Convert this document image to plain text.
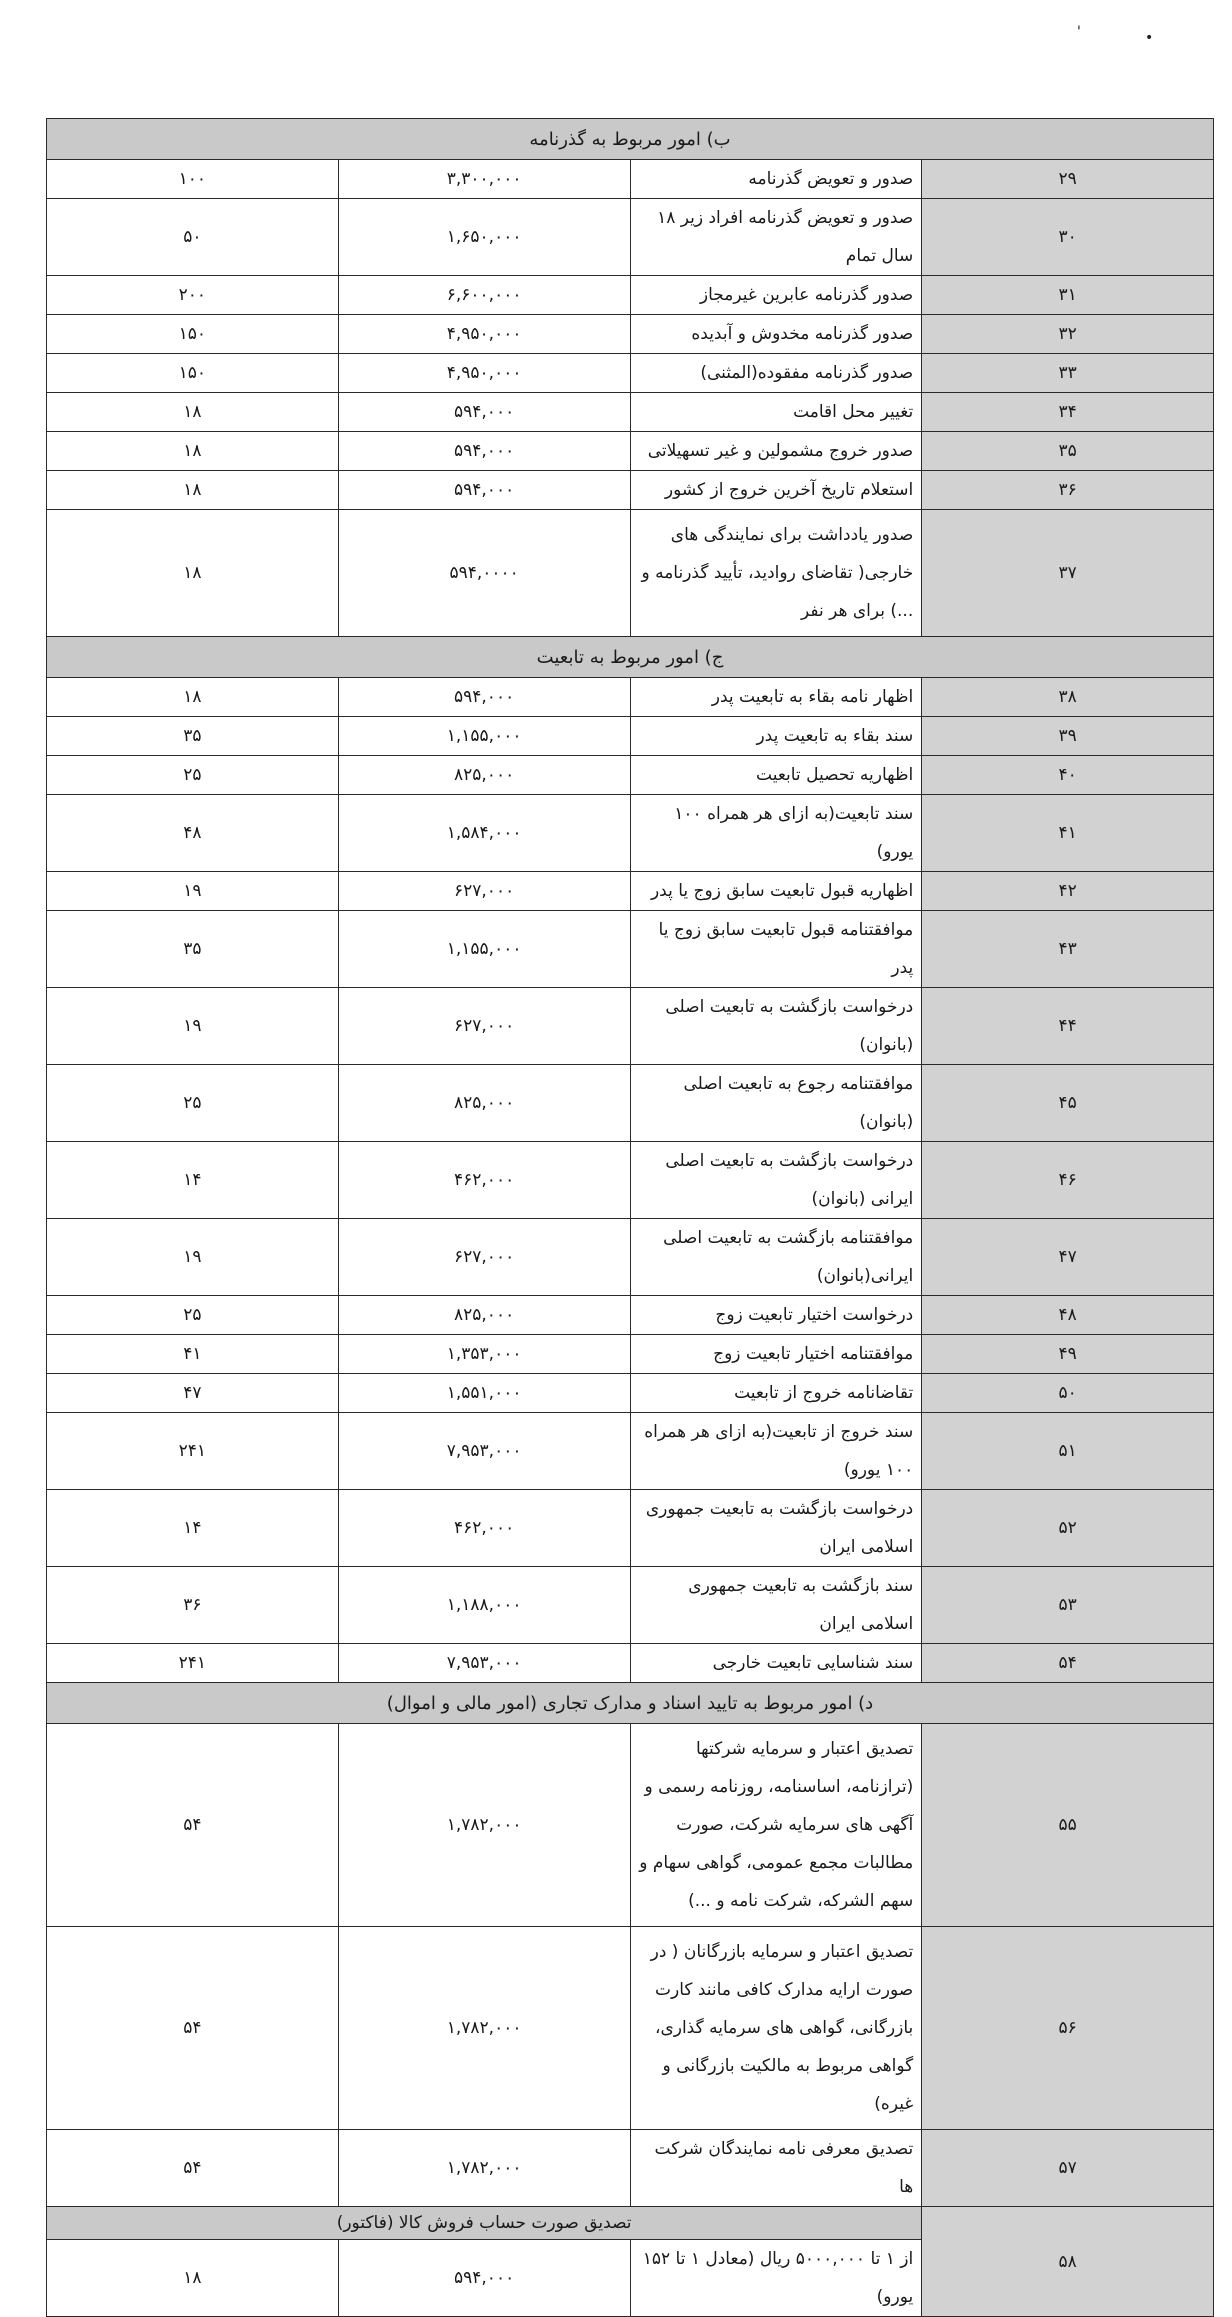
'	•
ب) امور مربوط به گذرنامه			
۲۹	صدور و تعویض گذرنامه	۳,۳۰۰,۰۰۰	۱۰۰
۳۰	صدور و تعویض گذرنامه افراد زیر ۱۸ سال تمام	۱,۶۵۰,۰۰۰	۵۰
۳۱	صدور گذرنامه عابرین غیرمجاز	۶,۶۰۰,۰۰۰	۲۰۰
۳۲	صدور گذرنامه مخدوش و آبدیده	۴,۹۵۰,۰۰۰	۱۵۰
۳۳	صدور گذرنامه مفقوده(المثنی)	۴,۹۵۰,۰۰۰	۱۵۰
۳۴	تغییر محل اقامت	۵۹۴,۰۰۰	۱۸
۳۵	صدور خروج مشمولین و غیر تسهیلاتی	۵۹۴,۰۰۰	۱۸
۳۶	استعلام تاریخ آخرین خروج از کشور	۵۹۴,۰۰۰	۱۸
۳۷	صدور یادداشت برای نمایندگی های خارجی( تقاضای روادید، تأیید گذرنامه و ...) برای هر نفر	۵۹۴,۰۰۰۰	۱۸
ج) امور مربوط به تابعیت			
۳۸	اظهار نامه بقاء به تابعیت پدر	۵۹۴,۰۰۰	۱۸
۳۹	سند بقاء به تابعیت پدر	۱,۱۵۵,۰۰۰	۳۵
۴۰	اظهاریه تحصیل تابعیت	۸۲۵,۰۰۰	۲۵
۴۱	سند تابعیت(به ازای هر همراه ۱۰۰ یورو)	۱,۵۸۴,۰۰۰	۴۸
۴۲	اظهاریه قبول تابعیت سابق زوج یا پدر	۶۲۷,۰۰۰	۱۹
۴۳	موافقتنامه قبول تابعیت سابق زوج یا پدر	۱,۱۵۵,۰۰۰	۳۵
۴۴	درخواست بازگشت به تابعیت اصلی (بانوان)	۶۲۷,۰۰۰	۱۹
۴۵	موافقتنامه رجوع به تابعیت اصلی (بانوان)	۸۲۵,۰۰۰	۲۵
۴۶	درخواست بازگشت به تابعیت اصلی ایرانی (بانوان)	۴۶۲,۰۰۰	۱۴
۴۷	موافقتنامه بازگشت به تابعیت اصلی ایرانی(بانوان)	۶۲۷,۰۰۰	۱۹
۴۸	درخواست اختیار تابعیت زوج	۸۲۵,۰۰۰	۲۵
۴۹	موافقتنامه اختیار تابعیت زوج	۱,۳۵۳,۰۰۰	۴۱
۵۰	تقاضانامه خروج از تابعیت	۱,۵۵۱,۰۰۰	۴۷
۵۱	سند خروج از تابعیت(به ازای هر همراه ۱۰۰ یورو)	۷,۹۵۳,۰۰۰	۲۴۱
۵۲	درخواست بازگشت به تابعیت جمهوری اسلامی ایران	۴۶۲,۰۰۰	۱۴
۵۳	سند بازگشت به تابعیت جمهوری اسلامی ایران	۱,۱۸۸,۰۰۰	۳۶
۵۴	سند شناسایی تابعیت خارجی	۷,۹۵۳,۰۰۰	۲۴۱
د) امور مربوط به تایید اسناد و مدارک تجاری (امور مالی و اموال)			
۵۵	تصدیق اعتبار و سرمایه شرکتها (ترازنامه، اساسنامه، روزنامه رسمی و آگهی های سرمایه شرکت، صورت مطالبات مجمع عمومی، گواهی سهام و سهم الشرکه، شرکت نامه و ...)	۱,۷۸۲,۰۰۰	۵۴
۵۶	تصدیق اعتبار و سرمایه بازرگانان ( در صورت ارایه مدارک کافی مانند کارت بازرگانی، گواهی های سرمایه گذاری، گواهی مربوط به مالکیت بازرگانی و غیره)	۱,۷۸۲,۰۰۰	۵۴
۵۷	تصدیق معرفی نامه نمایندگان شرکت ها	۱,۷۸۲,۰۰۰	۵۴
۵۸	تصدیق صورت حساب فروش کالا (فاکتور)		
	از ۱ تا ۵۰۰۰,۰۰۰ ریال (معادل ۱ تا ۱۵۲ یورو)	۵۹۴,۰۰۰	۱۸
